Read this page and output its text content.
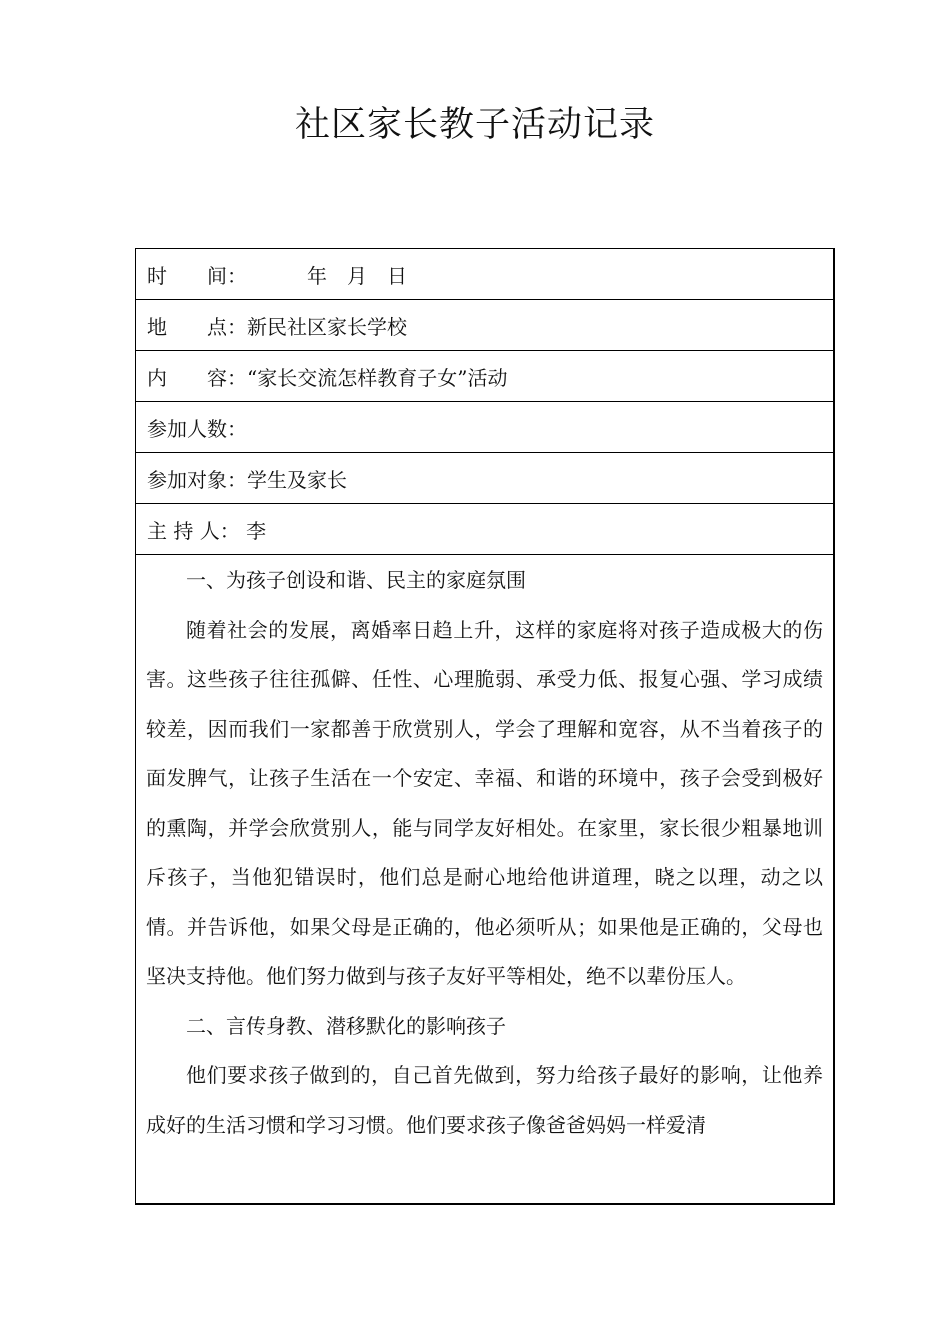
社区家长教子活动记录
时　　间： 　　　年　月　日
地　　点： 新民社区家长学校
内　　容： “家长交流怎样教育子女”活动
参加人数：
参加对象： 学生及家长
主 持 人： 李

一、为孩子创设和谐、民主的家庭氛围

随着社会的发展，离婚率日趋上升，这样的家庭将对孩子造成极大的伤害。这些孩子往往孤僻、任性、心理脆弱、承受力低、报复心强、学习成绩较差，因而我们一家都善于欣赏别人，学会了理解和宽容，从不当着孩子的面发脾气，让孩子生活在一个安定、幸福、和谐的环境中，孩子会受到极好的熏陶，并学会欣赏别人，能与同学友好相处。在家里，家长很少粗暴地训斥孩子，当他犯错误时，他们总是耐心地给他讲道理，晓之以理，动之以情。并告诉他，如果父母是正确的，他必须听从；如果他是正确的，父母也坚决支持他。他们努力做到与孩子友好平等相处，绝不以辈份压人。

二、言传身教、潜移默化的影响孩子

他们要求孩子做到的，自己首先做到，努力给孩子最好的影响，让他养成好的生活习惯和学习习惯。他们要求孩子像爸爸妈妈一样爱清
